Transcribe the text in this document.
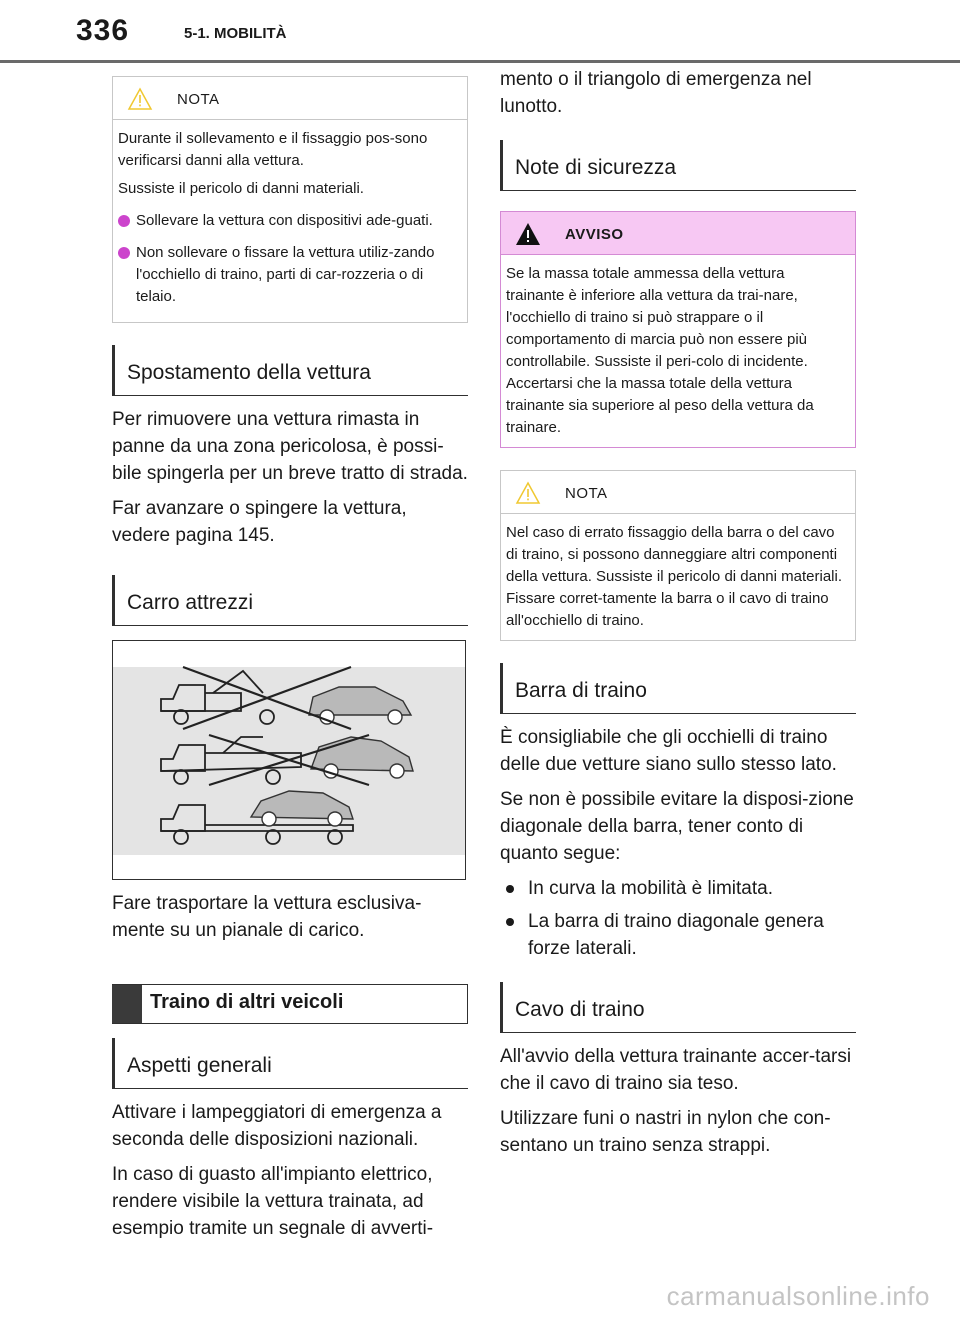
336	5-1. MOBILITÀ
NOTA

Durante il sollevamento e il fissaggio pos-sono verificarsi danni alla vettura.

Sussiste il pericolo di danni materiali.

Sollevare la vettura con dispositivi ade-guati.
Non sollevare o fissare la vettura utiliz-zando l'occhiello di traino, parti di car-rozzeria o di telaio.
Spostamento della vettura

Per rimuovere una vettura rimasta in panne da una zona pericolosa, è possi-bile spingerla per un breve tratto di strada.

Far avanzare o spingere la vettura, vedere pagina 145.

Carro attrezzi

Fare trasportare la vettura esclusiva-mente su un pianale di carico.

Traino di altri veicoli
Aspetti generali

Attivare i lampeggiatori di emergenza a seconda delle disposizioni nazionali.

In caso di guasto all'impianto elettrico, rendere visibile la vettura trainata, ad esempio tramite un segnale di avverti-

mento o il triangolo di emergenza nel lunotto.

Note di sicurezza
AVVISO
Se la massa totale ammessa della vettura trainante è inferiore alla vettura da trai-nare, l'occhiello di traino si può strappare o il comportamento di marcia può non essere più controllabile. Sussiste il peri-colo di incidente. Accertarsi che la massa totale della vettura trainante sia superiore al peso della vettura da trainare.
NOTA
Nel caso di errato fissaggio della barra o del cavo di traino, si possono danneggiare altri componenti della vettura. Sussiste il pericolo di danni materiali. Fissare corret-tamente la barra o il cavo di traino all'occhiello di traino.
Barra di traino

È consigliabile che gli occhielli di traino delle due vetture siano sullo stesso lato.

Se non è possibile evitare la disposi-zione diagonale della barra, tener conto di quanto segue:

In curva la mobilità è limitata.
La barra di traino diagonale genera forze laterali.
Cavo di traino

All'avvio della vettura trainante accer-tarsi che il cavo di traino sia teso.

Utilizzare funi o nastri in nylon che con-sentano un traino senza strappi.

carmanualsonline.info
